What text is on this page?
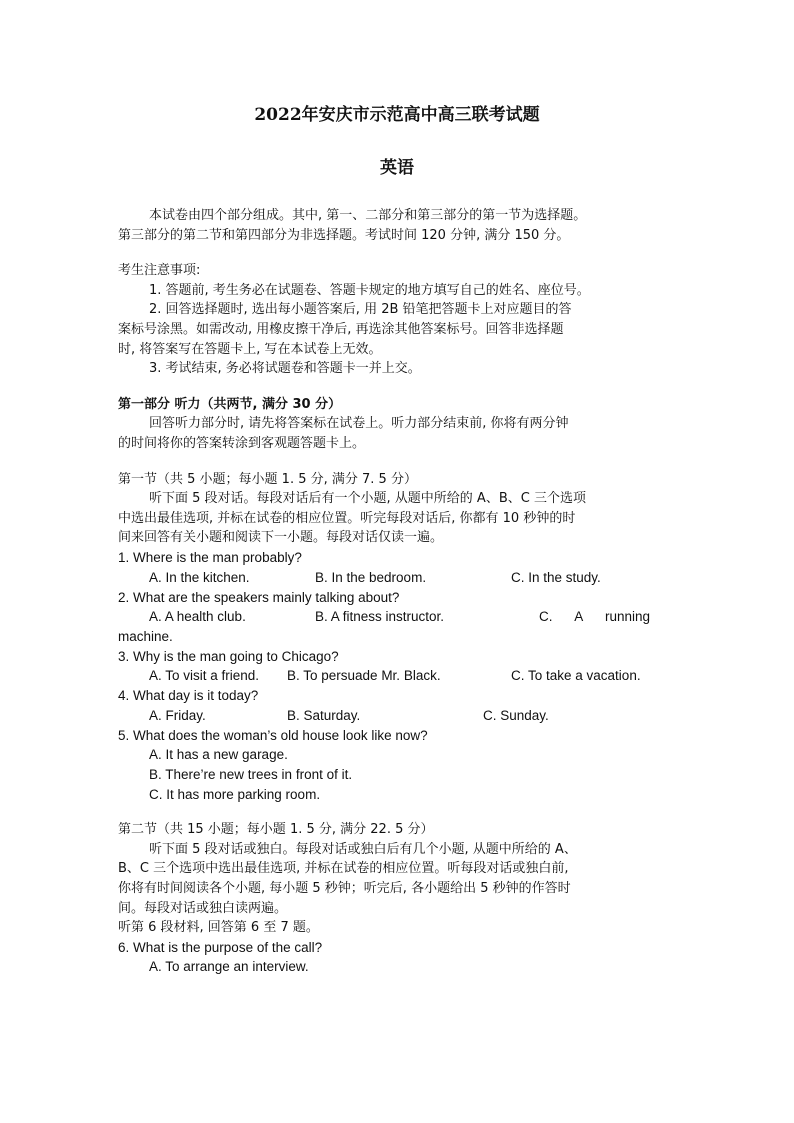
2022年安庆市示范高中高三联考试题
英语

本试卷由四个部分组成。其中, 第一、二部分和第三部分的第一节为选择题。

第三部分的第二节和第四部分为非选择题。考试时间 120 分钟, 满分 150 分。

考生注意事项:

1. 答题前, 考生务必在试题卷、答题卡规定的地方填写自己的姓名、座位号。

2. 回答选择题时, 选出每小题答案后, 用 2B 铅笔把答题卡上对应题目的答

案标号涂黑。如需改动, 用橡皮擦干净后, 再选涂其他答案标号。回答非选择题

时, 将答案写在答题卡上, 写在本试卷上无效。

3. 考试结束, 务必将试题卷和答题卡一并上交。

第一部分 听力（共两节, 满分 30 分）

回答听力部分时, 请先将答案标在试卷上。听力部分结束前, 你将有两分钟

的时间将你的答案转涂到客观题答题卡上。

第一节（共 5 小题；每小题 1. 5 分, 满分 7. 5 分）

听下面 5 段对话。每段对话后有一个小题, 从题中所给的 A、B、C 三个选项

中选出最佳选项, 并标在试卷的相应位置。听完每段对话后, 你都有 10 秒钟的时

间来回答有关小题和阅读下一小题。每段对话仅读一遍。

1. Where is the man probably?

A. In the kitchen.	B. In the bedroom.	C. In the study.

2. What are the speakers mainly talking about?

A. A health club.	B. A fitness instructor.	C.      A      running

machine.

3. Why is the man going to Chicago?

A. To visit a friend. B. To persuade Mr. Black.	C. To take a vacation.

4. What day is it today?

A. Friday.	B. Saturday.	C. Sunday.

5. What does the woman’s old house look like now?

A. It has a new garage.

B. There’re new trees in front of it.

C. It has more parking room.

第二节（共 15 小题；每小题 1. 5 分, 满分 22. 5 分）

听下面 5 段对话或独白。每段对话或独白后有几个小题, 从题中所给的 A、

B、C 三个选项中选出最佳选项, 并标在试卷的相应位置。听每段对话或独白前,

你将有时间阅读各个小题, 每小题 5 秒钟；听完后, 各小题给出 5 秒钟的作答时

间。每段对话或独白读两遍。

听第 6 段材料, 回答第 6 至 7 题。

6. What is the purpose of the call?

A. To arrange an interview.
